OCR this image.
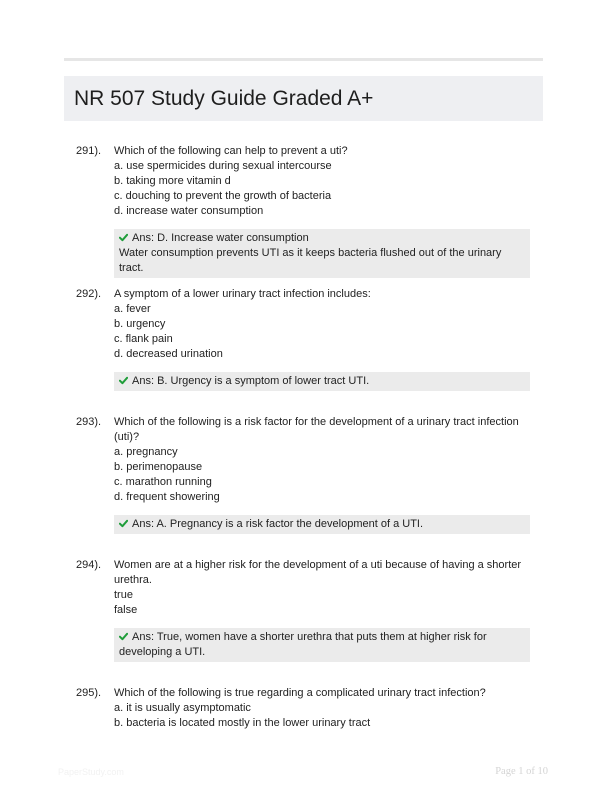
NR 507 Study Guide Graded A+
291). Which of the following can help to prevent a uti?

a. use spermicides during sexual intercourse

b. taking more vitamin d

c. douching to prevent the growth of bacteria

d. increase water consumption

Ans: D. Increase water consumption
Water consumption prevents UTI as it keeps bacteria flushed out of the urinary tract.
292). A symptom of a lower urinary tract infection includes:

a. fever

b. urgency

c. flank pain

d. decreased urination

Ans: B. Urgency is a symptom of lower tract UTI.
293). Which of the following is a risk factor for the development of a urinary tract infection (uti)?

a. pregnancy

b. perimenopause

c. marathon running

d. frequent showering

Ans: A. Pregnancy is a risk factor the development of a UTI.
294). Women are at a higher risk for the development of a uti because of having a shorter urethra.

true

false

Ans: True, women have a shorter urethra that puts them at higher risk for developing a UTI.
295). Which of the following is true regarding a complicated urinary tract infection?

a. it is usually asymptomatic

b. bacteria is located mostly in the lower urinary tract

PaperStudy.com	Page 1 of 10
